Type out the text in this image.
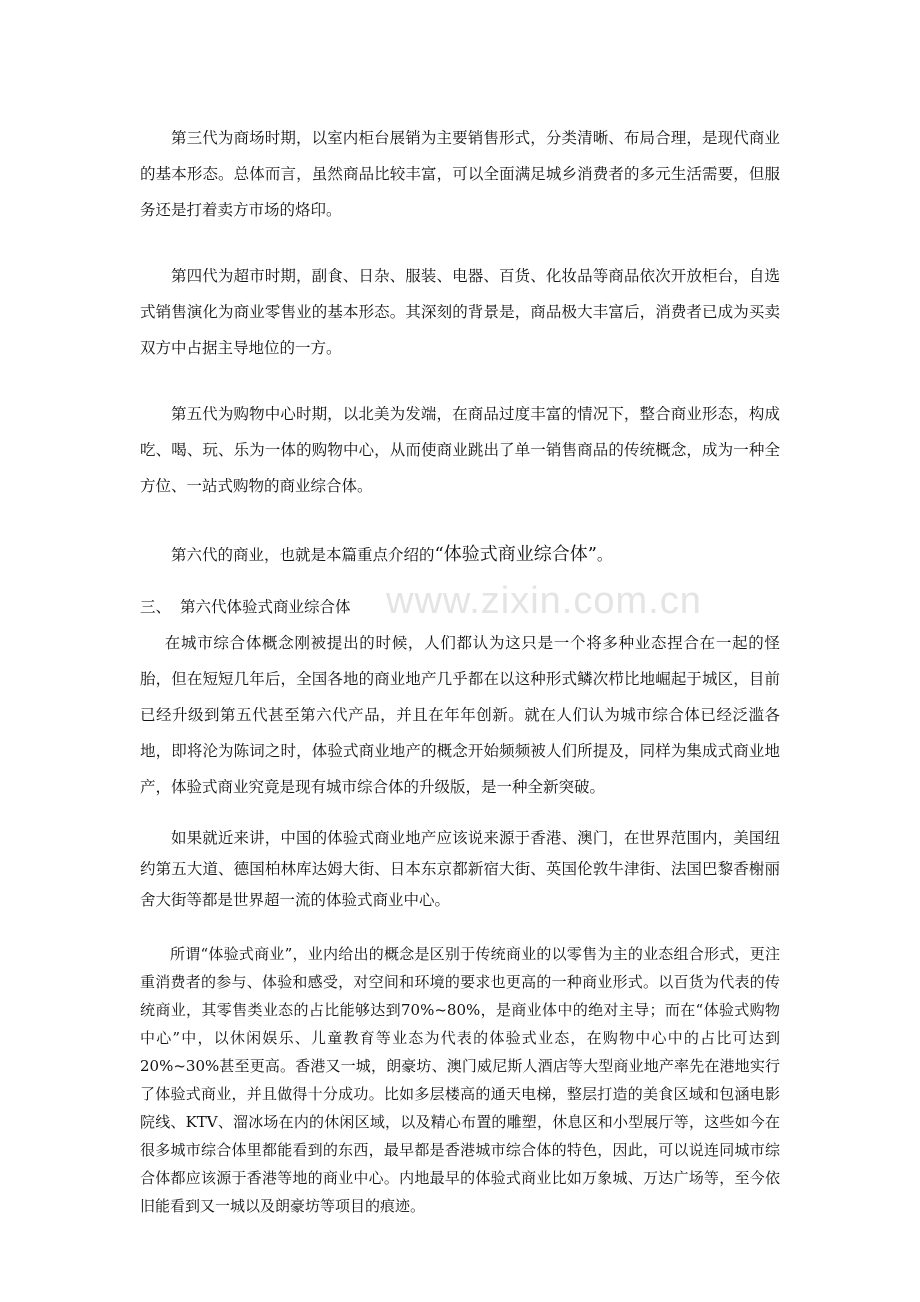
www.zixin.com.cn

第三代为商场时期，以室内柜台展销为主要销售形式，分类清晰、布局合理，是现代商业的基本形态。总体而言，虽然商品比较丰富，可以全面满足城乡消费者的多元生活需要，但服务还是打着卖方市场的烙印。

第四代为超市时期，副食、日杂、服装、电器、百货、化妆品等商品依次开放柜台，自选式销售演化为商业零售业的基本形态。其深刻的背景是，商品极大丰富后，消费者已成为买卖双方中占据主导地位的一方。

第五代为购物中心时期，以北美为发端，在商品过度丰富的情况下，整合商业形态，构成吃、喝、玩、乐为一体的购物中心，从而使商业跳出了单一销售商品的传统概念，成为一种全方位、一站式购物的商业综合体。

第六代的商业，也就是本篇重点介绍的“体验式商业综合体”。

三、 第六代体验式商业综合体

在城市综合体概念刚被提出的时候，人们都认为这只是一个将多种业态捏合在一起的怪胎，但在短短几年后，全国各地的商业地产几乎都在以这种形式鳞次栉比地崛起于城区，目前已经升级到第五代甚至第六代产品，并且在年年创新。就在人们认为城市综合体已经泛滥各地，即将沦为陈词之时，体验式商业地产的概念开始频频被人们所提及，同样为集成式商业地产，体验式商业究竟是现有城市综合体的升级版，是一种全新突破。

如果就近来讲，中国的体验式商业地产应该说来源于香港、澳门，在世界范围内，美国纽约第五大道、德国柏林库达姆大街、日本东京都新宿大街、英国伦敦牛津街、法国巴黎香榭丽舍大街等都是世界超一流的体验式商业中心。

所谓“体验式商业”，业内给出的概念是区别于传统商业的以零售为主的业态组合形式，更注重消费者的参与、体验和感受，对空间和环境的要求也更高的一种商业形式。以百货为代表的传统商业，其零售类业态的占比能够达到70%~80%，是商业体中的绝对主导；而在“体验式购物中心”中，以休闲娱乐、儿童教育等业态为代表的体验式业态，在购物中心中的占比可达到20%~30%甚至更高。香港又一城，朗豪坊、澳门威尼斯人酒店等大型商业地产率先在港地实行了体验式商业，并且做得十分成功。比如多层楼高的通天电梯，整层打造的美食区域和包涵电影院线、KTV、溜冰场在内的休闲区域，以及精心布置的雕塑，休息区和小型展厅等，这些如今在很多城市综合体里都能看到的东西，最早都是香港城市综合体的特色，因此，可以说连同城市综合体都应该源于香港等地的商业中心。内地最早的体验式商业比如万象城、万达广场等，至今依旧能看到又一城以及朗豪坊等项目的痕迹。
